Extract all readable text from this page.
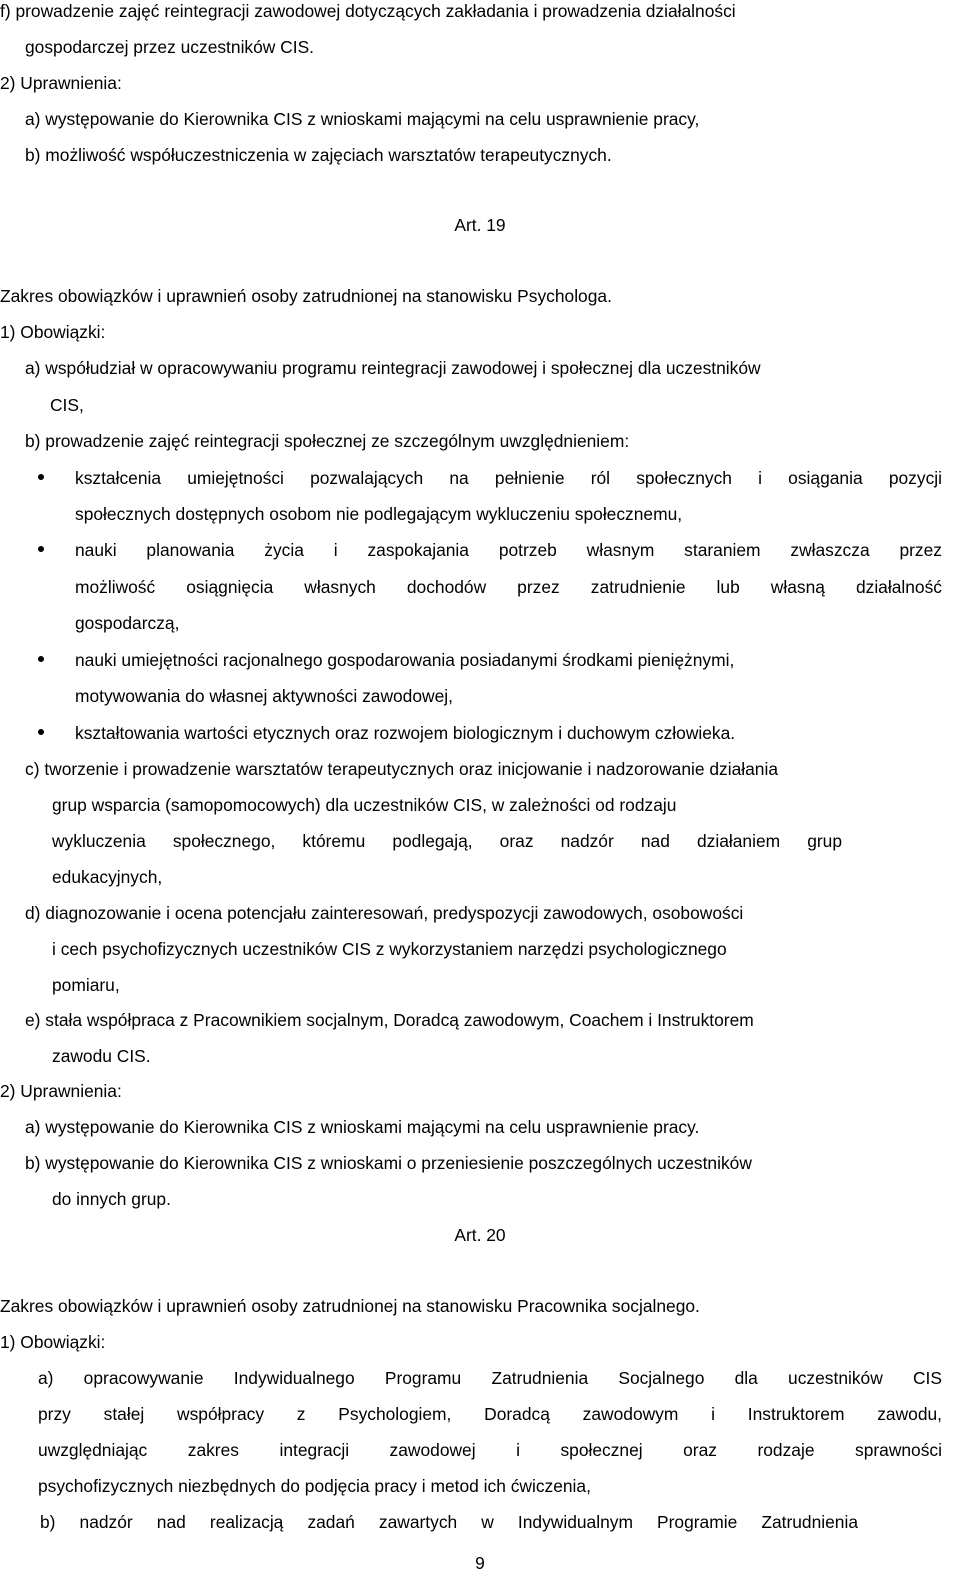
f) prowadzenie zajęć reintegracji zawodowej dotyczących zakładania i prowadzenia działalności
gospodarczej przez uczestników CIS.
2) Uprawnienia:
a) występowanie do Kierownika CIS z wnioskami mającymi na celu usprawnienie pracy,
b) możliwość współuczestniczenia w zajęciach warsztatów terapeutycznych.
Art. 19
Zakres obowiązków i uprawnień osoby zatrudnionej na stanowisku Psychologa.
1) Obowiązki:
a) współudział w opracowywaniu programu reintegracji zawodowej i społecznej dla uczestników
CIS,
b) prowadzenie zajęć reintegracji społecznej ze szczególnym uwzględnieniem:
kształcenia umiejętności pozwalających na pełnienie ról społecznych i osiągania pozycji
społecznych dostępnych osobom nie podlegającym wykluczeniu społecznemu,
nauki planowania życia i zaspokajania potrzeb własnym staraniem zwłaszcza przez
możliwość osiągnięcia własnych dochodów przez zatrudnienie lub własną działalność
gospodarczą,
nauki umiejętności racjonalnego gospodarowania posiadanymi środkami pieniężnymi,
motywowania do własnej aktywności zawodowej,
kształtowania wartości etycznych oraz rozwojem biologicznym i duchowym człowieka.
c) tworzenie i prowadzenie warsztatów terapeutycznych oraz inicjowanie i nadzorowanie działania
grup wsparcia (samopomocowych) dla uczestników CIS, w zależności od rodzaju
wykluczenia społecznego, któremu podlegają, oraz nadzór nad działaniem grup
edukacyjnych,
d) diagnozowanie i ocena potencjału zainteresowań, predyspozycji zawodowych, osobowości
i cech psychofizycznych uczestników CIS z wykorzystaniem narzędzi psychologicznego
pomiaru,
e) stała współpraca z Pracownikiem socjalnym, Doradcą zawodowym, Coachem i Instruktorem
zawodu CIS.
2) Uprawnienia:
a) występowanie do Kierownika CIS z wnioskami mającymi na celu usprawnienie pracy.
b) występowanie do Kierownika CIS z wnioskami o przeniesienie poszczególnych uczestników
do innych grup.
Art. 20
Zakres obowiązków i uprawnień osoby zatrudnionej na stanowisku Pracownika socjalnego.
1) Obowiązki:
a) opracowywanie Indywidualnego Programu Zatrudnienia Socjalnego dla uczestników CIS
przy stałej współpracy z Psychologiem, Doradcą zawodowym i Instruktorem zawodu,
uwzględniając zakres integracji zawodowej i społecznej oraz rodzaje sprawności
psychofizycznych niezbędnych do podjęcia pracy i metod ich ćwiczenia,
b) nadzór nad realizacją zadań zawartych w Indywidualnym Programie Zatrudnienia
9
